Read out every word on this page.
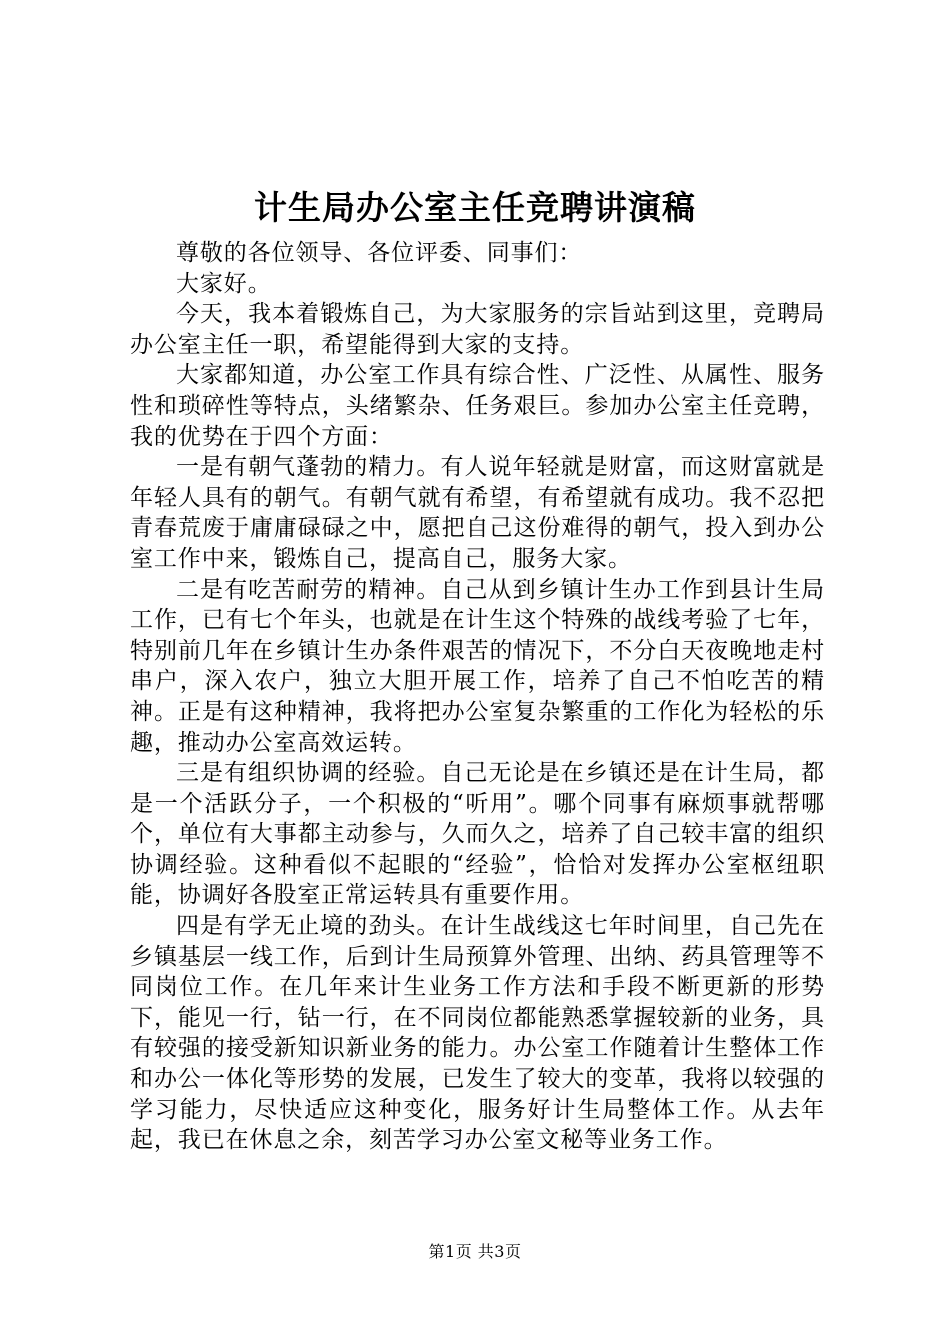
计生局办公室主任竞聘讲演稿

尊敬的各位领导、各位评委、同事们：

大家好。

今天，我本着锻炼自己，为大家服务的宗旨站到这里，竞聘局办公室主任一职，希望能得到大家的支持。

大家都知道，办公室工作具有综合性、广泛性、从属性、服务性和琐碎性等特点，头绪繁杂、任务艰巨。参加办公室主任竞聘，我的优势在于四个方面：

一是有朝气蓬勃的精力。有人说年轻就是财富，而这财富就是年轻人具有的朝气。有朝气就有希望，有希望就有成功。我不忍把青春荒废于庸庸碌碌之中，愿把自己这份难得的朝气，投入到办公室工作中来，锻炼自己，提高自己，服务大家。

二是有吃苦耐劳的精神。自己从到乡镇计生办工作到县计生局工作，已有七个年头，也就是在计生这个特殊的战线考验了七年，特别前几年在乡镇计生办条件艰苦的情况下，不分白天夜晚地走村串户，深入农户，独立大胆开展工作，培养了自己不怕吃苦的精神。正是有这种精神，我将把办公室复杂繁重的工作化为轻松的乐趣，推动办公室高效运转。

三是有组织协调的经验。自己无论是在乡镇还是在计生局，都是一个活跃分子，一个积极的“听用”。哪个同事有麻烦事就帮哪个，单位有大事都主动参与，久而久之，培养了自己较丰富的组织协调经验。这种看似不起眼的“经验”，恰恰对发挥办公室枢纽职能，协调好各股室正常运转具有重要作用。

四是有学无止境的劲头。在计生战线这七年时间里，自己先在乡镇基层一线工作，后到计生局预算外管理、出纳、药具管理等不同岗位工作。在几年来计生业务工作方法和手段不断更新的形势下，能见一行，钻一行，在不同岗位都能熟悉掌握较新的业务，具有较强的接受新知识新业务的能力。办公室工作随着计生整体工作和办公一体化等形势的发展，已发生了较大的变革，我将以较强的学习能力，尽快适应这种变化，服务好计生局整体工作。从去年起，我已在休息之余，刻苦学习办公室文秘等业务工作。

第1页 共3页
